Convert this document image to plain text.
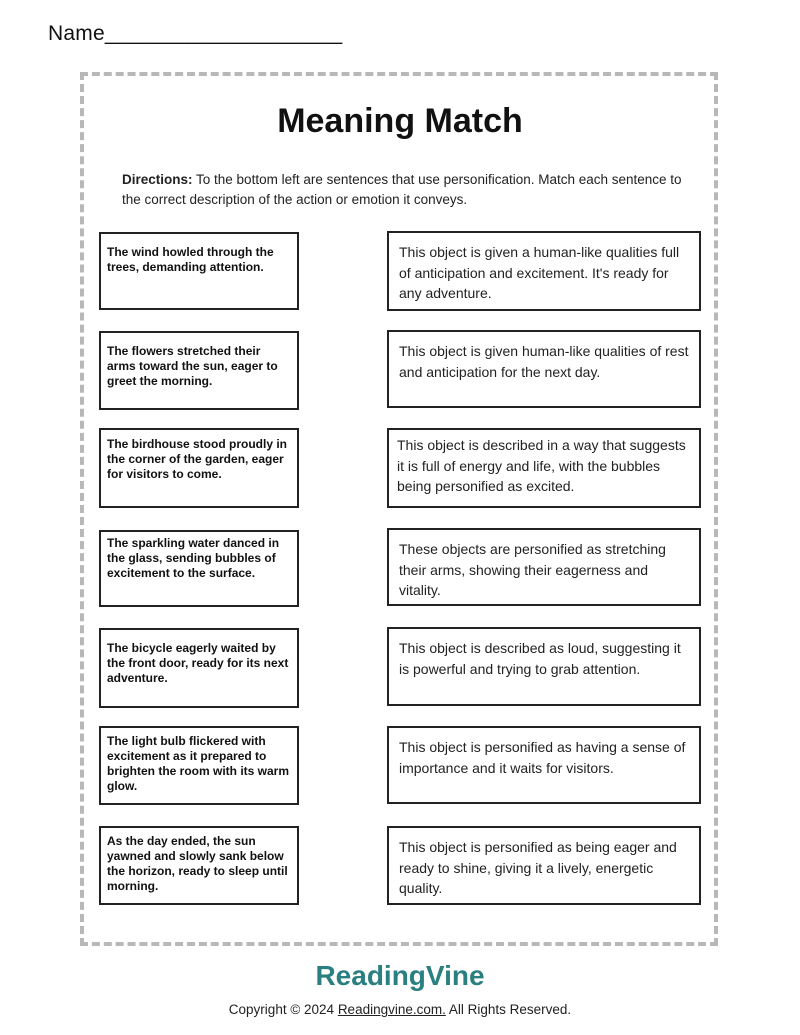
Name____________________
Meaning Match
Directions: To the bottom left are sentences that use personification. Match each sentence to the correct description of the action or emotion it conveys.
The wind howled through the trees, demanding attention.
The flowers stretched their arms toward the sun, eager to greet the morning.
The birdhouse stood proudly in the corner of the garden, eager for visitors to come.
The sparkling water danced in the glass, sending bubbles of excitement to the surface.
The bicycle eagerly waited by the front door, ready for its next adventure.
The light bulb flickered with excitement as it prepared to brighten the room with its warm glow.
As the day ended, the sun yawned and slowly sank below the horizon, ready to sleep until morning.
This object is given a human-like qualities full of anticipation and excitement. It's ready for any adventure.
This object is given human-like qualities of rest and anticipation for the next day.
This object is described in a way that suggests it is full of energy and life, with the bubbles being personified as excited.
These objects are personified as stretching their arms, showing their eagerness and vitality.
This object is described as loud, suggesting it is powerful and trying to grab attention.
This object is personified as having a sense of importance and it waits for visitors.
This object is personified as being eager and ready to shine, giving it a lively, energetic quality.
ReadingVine
Copyright © 2024 Readingvine.com. All Rights Reserved.
